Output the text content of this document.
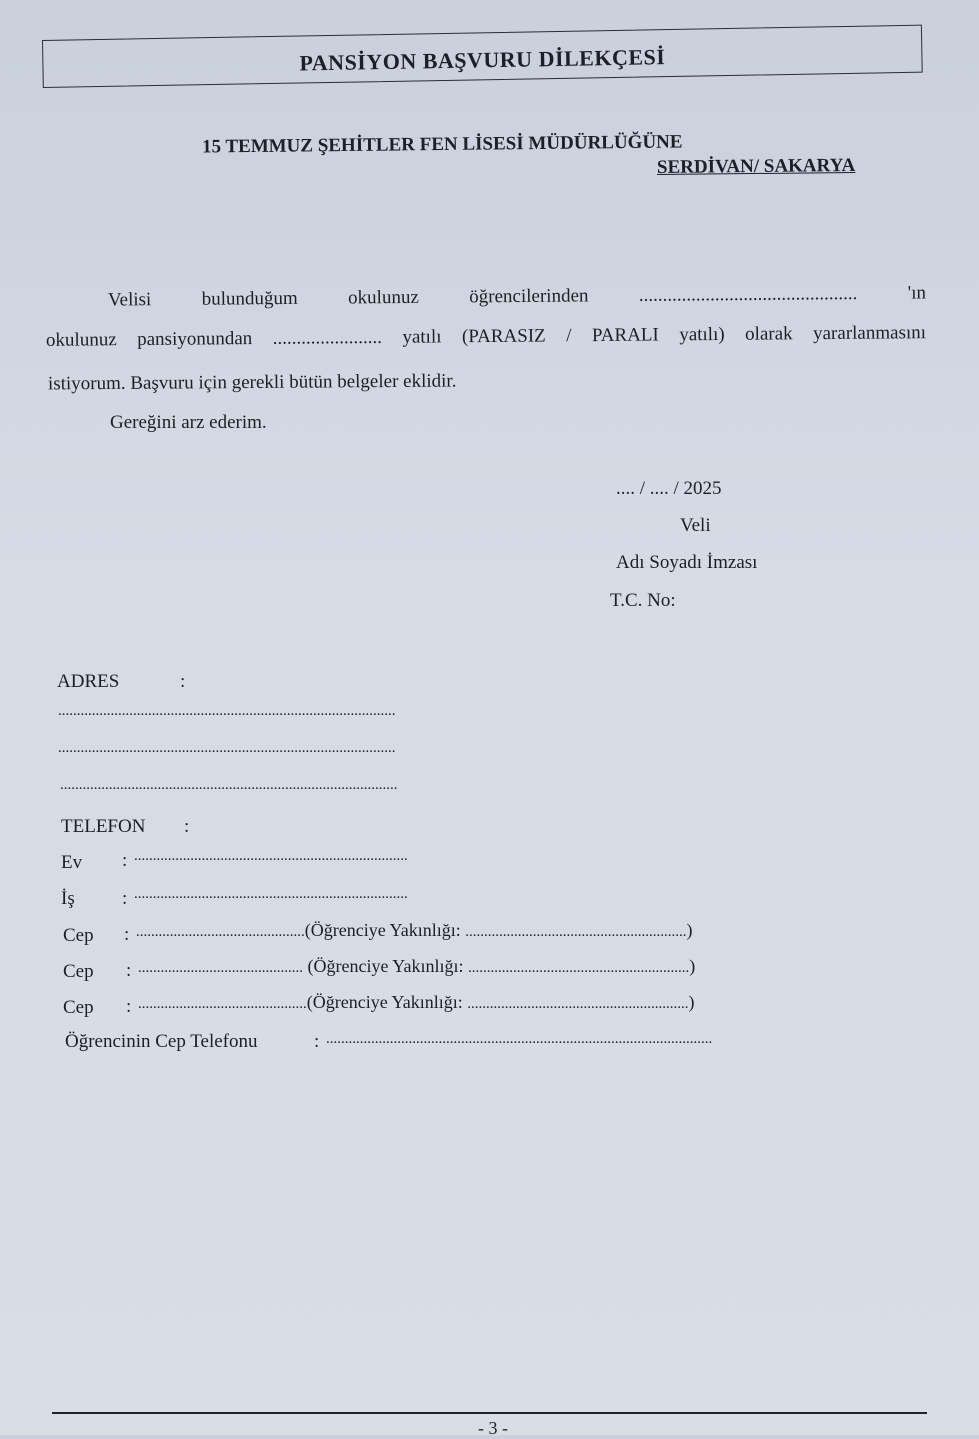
PANSİYON BAŞVURU DİLEKÇESİ
15 TEMMUZ ŞEHİTLER FEN LİSESİ MÜDÜRLÜĞÜNE
SERDİVAN/ SAKARYA
Velisi	bulunduğum	okulunuz	öğrencilerinden	..............................................	'ın
okulunuz pansiyonundan ....................... yatılı (PARASIZ / PARALI yatılı) olarak yararlanmasını
istiyorum. Başvuru için gerekli bütün belgeler eklidir.
Gereğini arz ederim.
.... / .... / 2025
Veli
Adı Soyadı İmzası
T.C. No:
ADRES	:
..........................................................................................
..........................................................................................
..........................................................................................
TELEFON :
Ev : .........................................................................
İş : .........................................................................
Cep : .............................................(Öğrenciye Yakınlığı: ...........................................................)
Cep : ............................................ (Öğrenciye Yakınlığı: ...........................................................)
Cep : .............................................(Öğrenciye Yakınlığı: ...........................................................)
Öğrencinin Cep Telefonu	: .......................................................................................................
- 3 -
